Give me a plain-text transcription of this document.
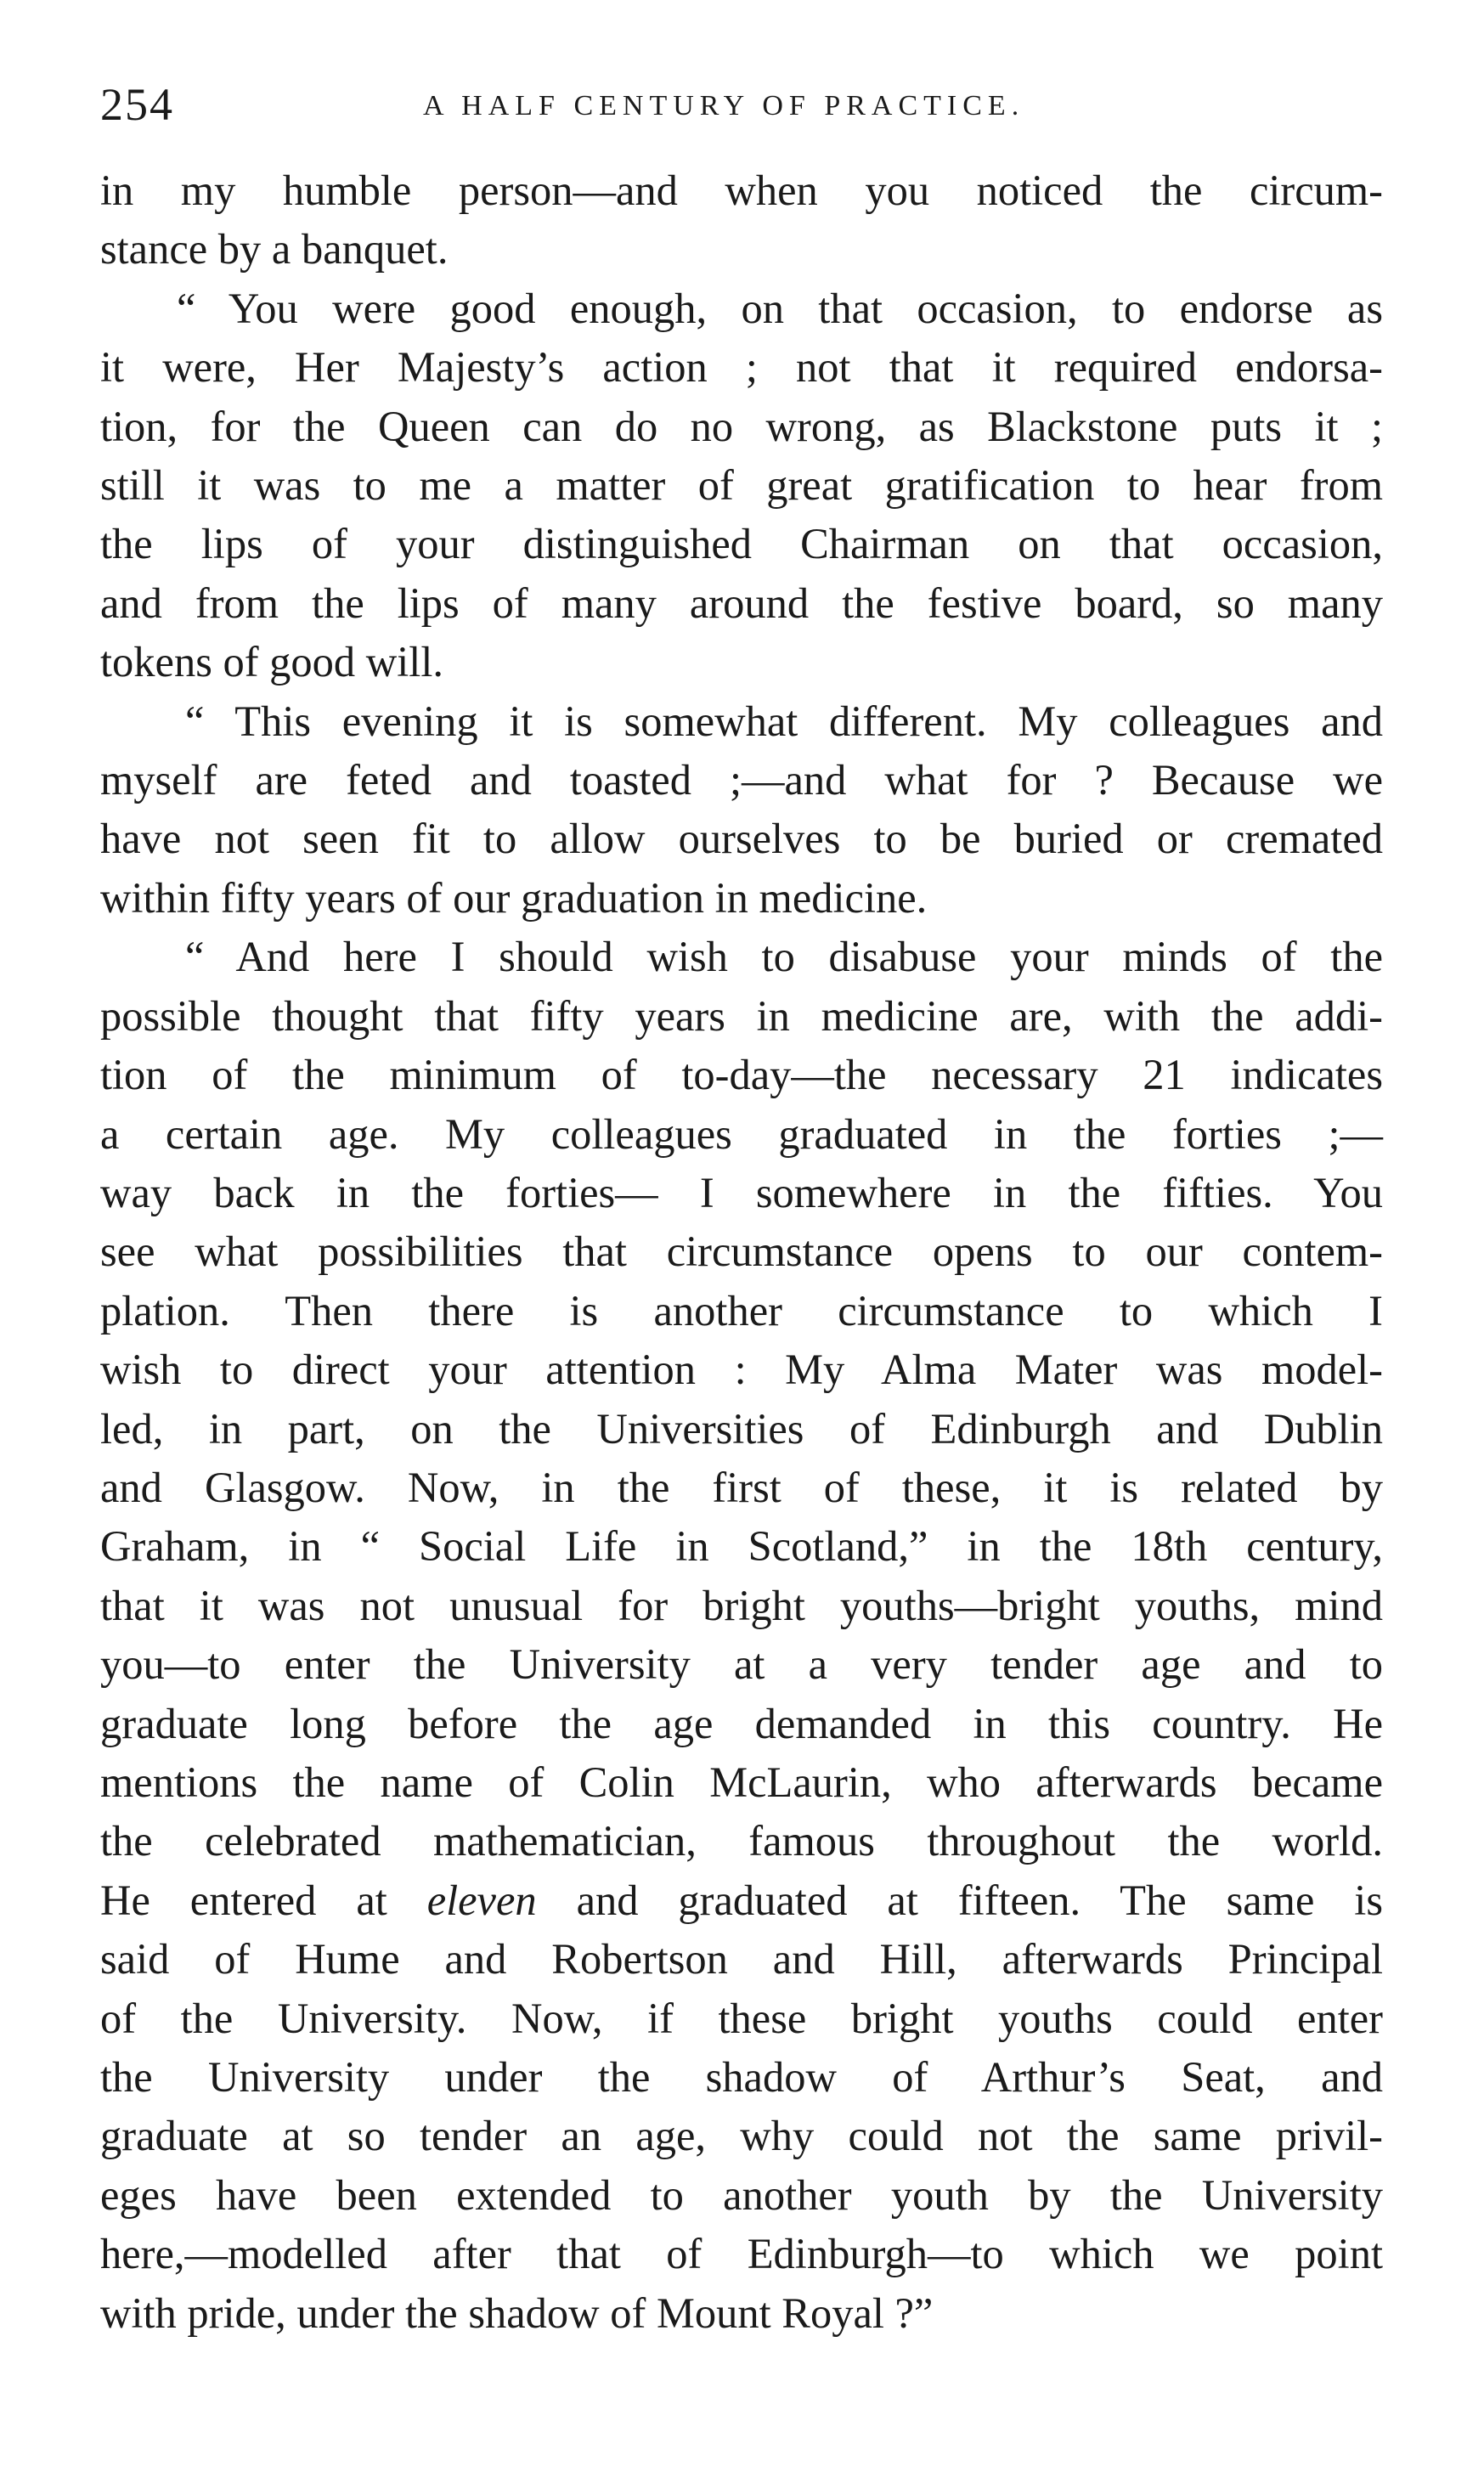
254	A HALF CENTURY OF PRACTICE.

in my humble person—and when you noticed the circum-
stance by a banquet.

“ You were good enough, on that occasion, to endorse as
it were, Her Majesty’s action ; not that it required endorsa-
tion, for the Queen can do no wrong, as Blackstone puts it ;
still it was to me a matter of great gratification to hear from
the lips of your distinguished Chairman on that occasion,
and from the lips of many around the festive board, so many
tokens of good will.

“ This evening it is somewhat different. My colleagues and
myself are feted and toasted ;—and what for ? Because we
have not seen fit to allow ourselves to be buried or cremated
within fifty years of our graduation in medicine.

“ And here I should wish to disabuse your minds of the
possible thought that fifty years in medicine are, with the addi-
tion of the minimum of to-day—the necessary 21 indicates
a certain age. My colleagues graduated in the forties ;—
way back in the forties— I somewhere in the fifties. You
see what possibilities that circumstance opens to our contem-
plation. Then there is another circumstance to which I
wish to direct your attention : My Alma Mater was model-
led, in part, on the Universities of Edinburgh and Dublin
and Glasgow. Now, in the first of these, it is related by
Graham, in “ Social Life in Scotland,” in the 18th century,
that it was not unusual for bright youths—bright youths, mind
you—to enter the University at a very tender age and to
graduate long before the age demanded in this country. He
mentions the name of Colin McLaurin, who afterwards became
the celebrated mathematician, famous throughout the world.
He entered at eleven and graduated at fifteen. The same is
said of Hume and Robertson and Hill, afterwards Principal
of the University. Now, if these bright youths could enter
the University under the shadow of Arthur’s Seat, and
graduate at so tender an age, why could not the same privil-
eges have been extended to another youth by the University
here,—modelled after that of Edinburgh—to which we point
with pride, under the shadow of Mount Royal ?”
